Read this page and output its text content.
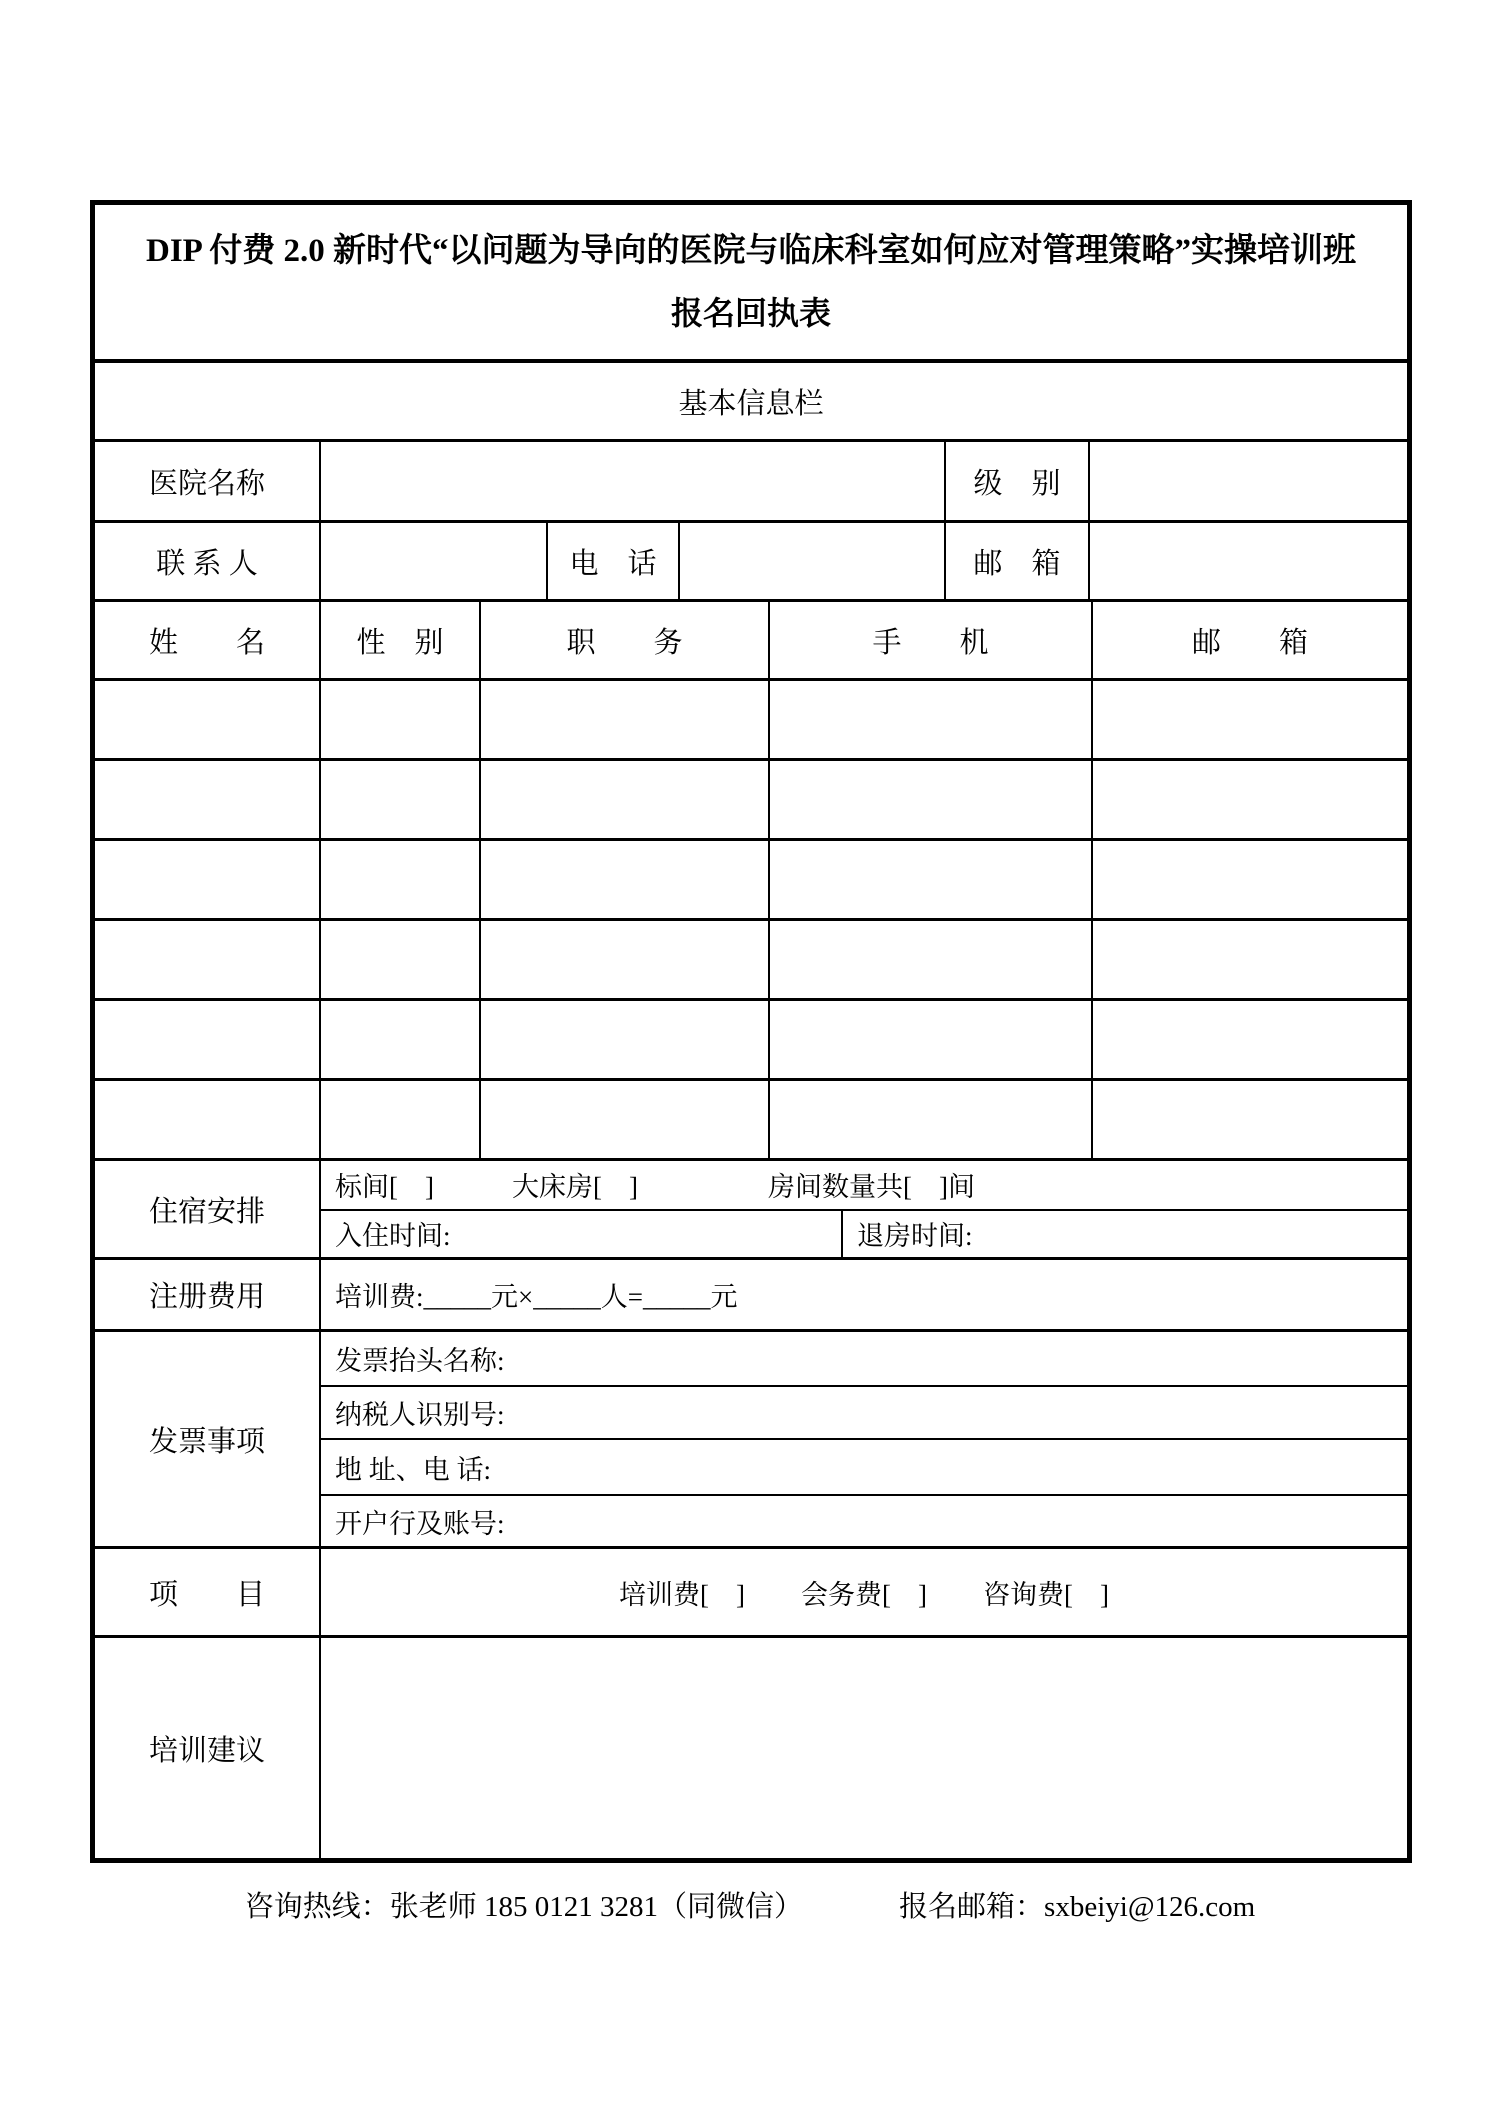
DIP 付费 2.0 新时代“以问题为导向的医院与临床科室如何应对管理策略”实操培训班
报名回执表
基本信息栏
医院名称	级　别
联 系 人	电　话	邮　箱
姓　　名	性　别	职　　务	手　　机	邮　　箱
住宿安排
标间[　]	大床房[　]	房间数量共[　]间
入住时间:	退房时间:
注册费用	培训费:_____元×_____人=_____元
发票事项
发票抬头名称:
纳税人识别号:
地 址、电 话:
开户行及账号:
项　　目	培训费[　] 会务费[　] 咨询费[　]
培训建议
咨询热线：张老师 185 0121 3281（同微信）	报名邮箱：sxbeiyi@126.com
